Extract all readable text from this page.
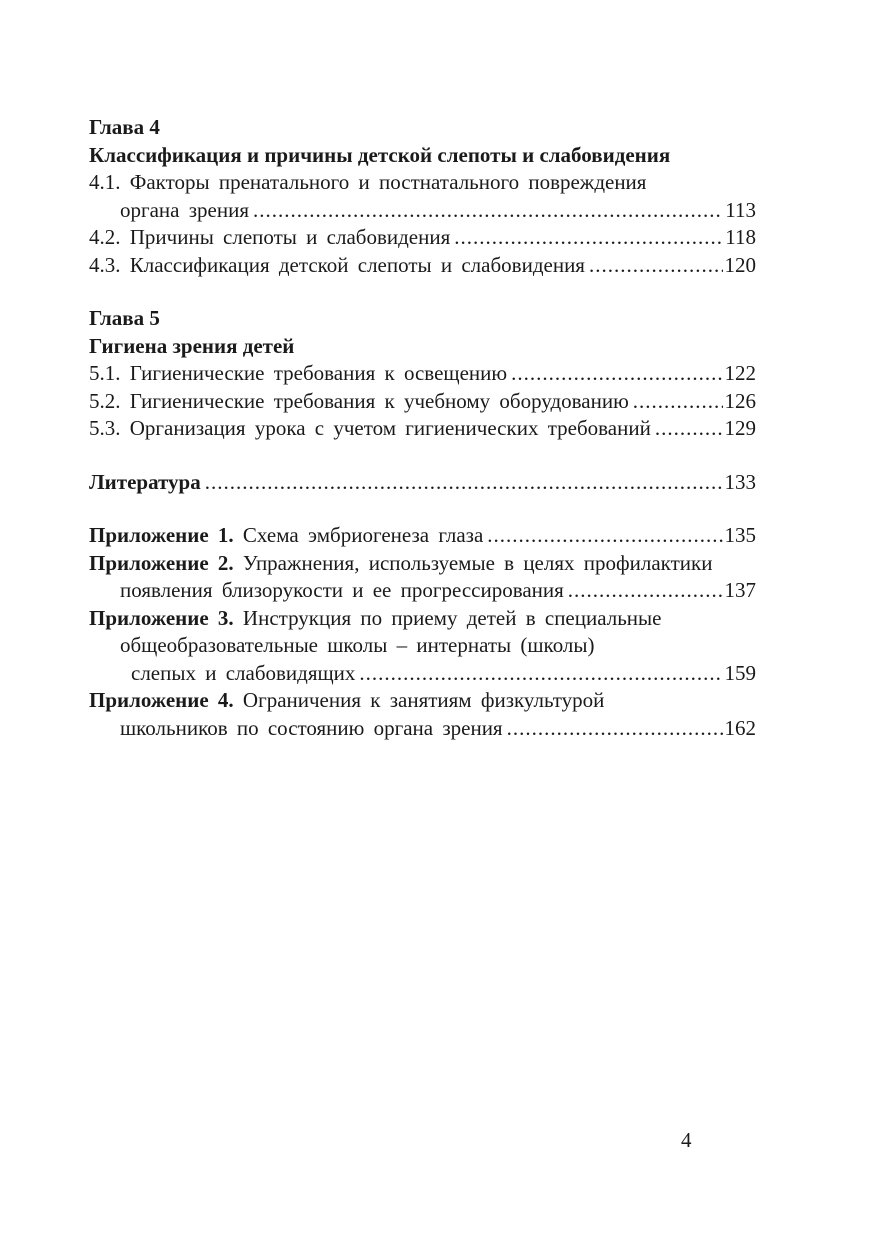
Глава 4
Классификация и причины детской слепоты и слабовидения
4.1. Факторы пренатального и постнатального повреждения
органа зрения .....	113
4.2. Причины слепоты и слабовидения .....	118
4.3. Классификация детской слепоты и слабовидения .....	120
Глава 5
Гигиена зрения детей
5.1. Гигиенические требования к освещению .....	122
5.2. Гигиенические требования к учебному оборудованию .....	126
5.3. Организация урока с учетом гигиенических требований .....	129
Литература .....	133
Приложение 1. Схема эмбриогенеза глаза .....	135
Приложение 2. Упражнения, используемые в целях профилактики
появления близорукости и ее прогрессирования .....	137
Приложение 3. Инструкция по приему детей в специальные
общеобразовательные школы – интернаты (школы)
слепых и слабовидящих .....	159
Приложение 4. Ограничения к занятиям физкультурой
школьников по состоянию органа зрения .....	162
4
